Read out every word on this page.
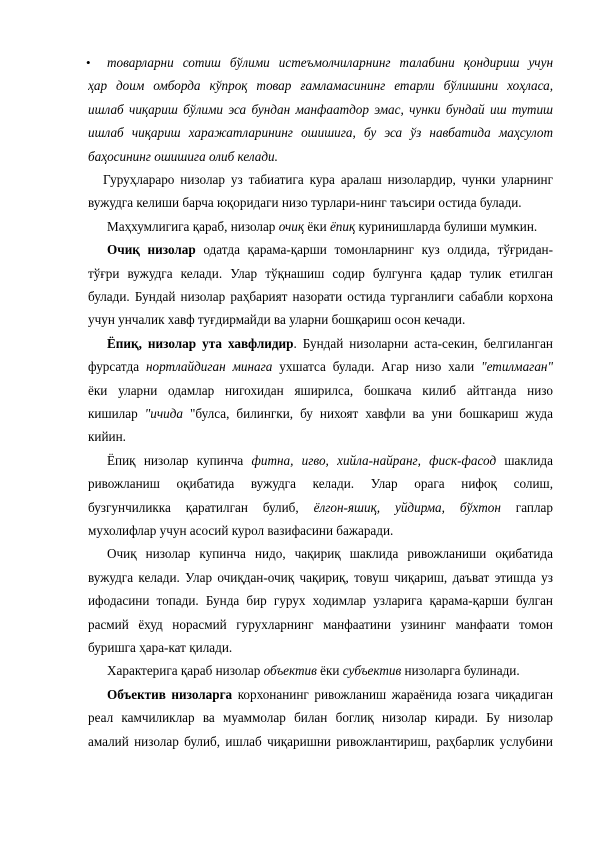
• товарларни сотиш бўлими истеъмолчиларнинг талабини қондириш учун
ҳар доим омборда кўпроқ товар ғамламасининг етарли бўлишини хоҳласа,
ишлаб чиқариш бўлими эса бундан манфаатдор эмас, чунки бундай иш тутиш
ишлаб чиқариш харажатларининг ошишига, бу эса ўз навбатида маҳсулот
баҳосининг ошишига олиб келади.
Гуруҳлараро низолар уз табиатига кура аралаш низолардир, чунки уларнинг
вужудга келиши барча юқоридаги низо турлари-нинг таъсири остида булади.
Маҳхумлигига қараб, низолар очиқ ёки ёпиқ куринишларда булиши мумкин.
Очиқ низолар одатда қарама-қарши томонларнинг куз олдида, тўғридан-
тўғри вужудга келади. Улар тўқнашиш содир булгунга қадар тулик етилган
булади. Бундай низолар раҳбарият назорати остида турганлиги сабабли корхона
учун унчалик хавф туғдирмайди ва уларни бошқариш осон кечади.
Ёпиқ, низолар ута хавфлидир. Бундай низоларни аста-секин, белгиланган
фурсатда нортлайдиган минага ухшатса булади. Агар низо хали "етилмаган"
ёки уларни одамлар нигохидан яширилса, бошкача килиб айтганда низо
кишилар "ичида "булса, билингки, бу нихоят хавфли ва уни бошкариш жуда
кийин.
Ёпиқ низолар купинча фитна, игво, хийла-найранг, фиск-фасод шаклида
ривожланиш оқибатида вужудга келади. Улар орага нифоқ солиш,
бузгунчиликка қаратилган булиб, ёлгон-яшиқ, уйдирма, бўхтон гаплар
мухолифлар учун асосий курол вазифасини бажаради.
Очиқ низолар купинча нидо, чақириқ шаклида ривожланиши оқибатида
вужудга келади. Улар очиқдан-очиқ чақириқ, товуш чиқариш, даъват этишда уз
ифодасини топади. Бунда бир гурух ходимлар узларига қарама-қарши булган
расмий ёхуд норасмий гурухларнинг манфаатини узининг манфаати томон
буришга ҳара-кат қилади.
Характерига қараб низолар объектив ёки субъектив низоларга булинади.
Объектив низоларга корхонанинг ривожланиш жараёнида юзага чиқадиган
реал камчиликлар ва муаммолар билан боглиқ низолар киради. Бу низолар
амалий низолар булиб, ишлаб чиқаришни ривожлантириш, раҳбарлик услубини
